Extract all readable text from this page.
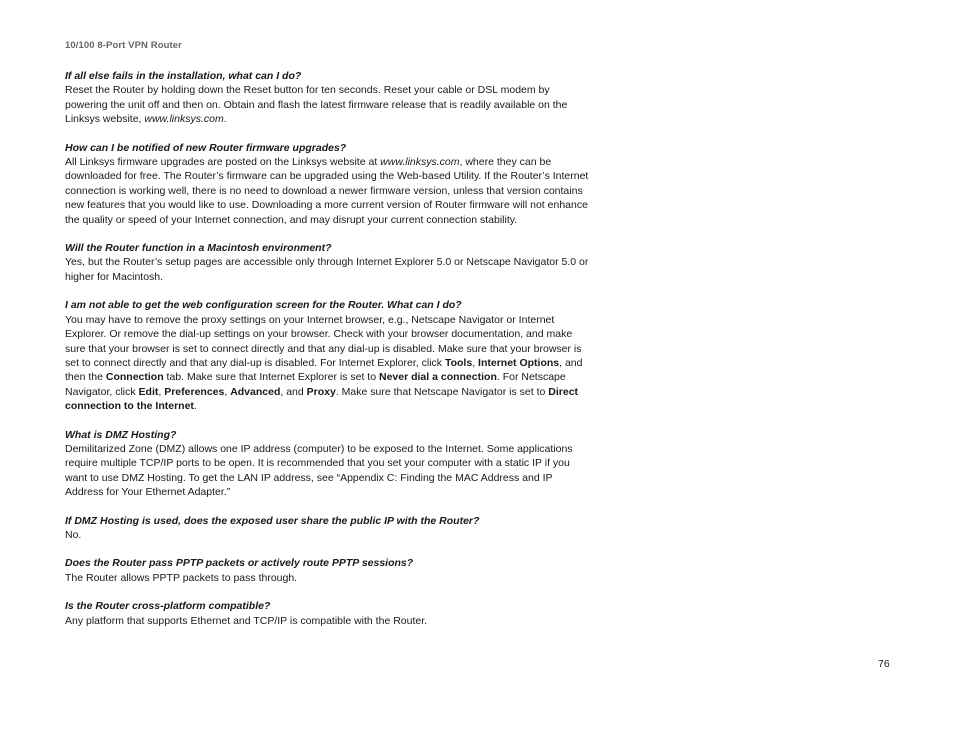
10/100 8-Port VPN Router
If all else fails in the installation, what can I do?
Reset the Router by holding down the Reset button for ten seconds. Reset your cable or DSL modem by powering the unit off and then on. Obtain and flash the latest firmware release that is readily available on the Linksys website, www.linksys.com.
How can I be notified of new Router firmware upgrades?
All Linksys firmware upgrades are posted on the Linksys website at www.linksys.com, where they can be downloaded for free. The Router’s firmware can be upgraded using the Web-based Utility. If the Router’s Internet connection is working well, there is no need to download a newer firmware version, unless that version contains new features that you would like to use. Downloading a more current version of Router firmware will not enhance the quality or speed of your Internet connection, and may disrupt your current connection stability.
Will the Router function in a Macintosh environment?
Yes, but the Router’s setup pages are accessible only through Internet Explorer 5.0 or Netscape Navigator 5.0 or higher for Macintosh.
I am not able to get the web configuration screen for the Router. What can I do?
You may have to remove the proxy settings on your Internet browser, e.g., Netscape Navigator or Internet Explorer. Or remove the dial-up settings on your browser. Check with your browser documentation, and make sure that your browser is set to connect directly and that any dial-up is disabled. Make sure that your browser is set to connect directly and that any dial-up is disabled. For Internet Explorer, click Tools, Internet Options, and then the Connection tab. Make sure that Internet Explorer is set to Never dial a connection. For Netscape Navigator, click Edit, Preferences, Advanced, and Proxy. Make sure that Netscape Navigator is set to Direct connection to the Internet.
What is DMZ Hosting?
Demilitarized Zone (DMZ) allows one IP address (computer) to be exposed to the Internet. Some applications require multiple TCP/IP ports to be open. It is recommended that you set your computer with a static IP if you want to use DMZ Hosting. To get the LAN IP address, see “Appendix C: Finding the MAC Address and IP Address for Your Ethernet Adapter.”
If DMZ Hosting is used, does the exposed user share the public IP with the Router?
No.
Does the Router pass PPTP packets or actively route PPTP sessions?
The Router allows PPTP packets to pass through.
Is the Router cross-platform compatible?
Any platform that supports Ethernet and TCP/IP is compatible with the Router.
76
